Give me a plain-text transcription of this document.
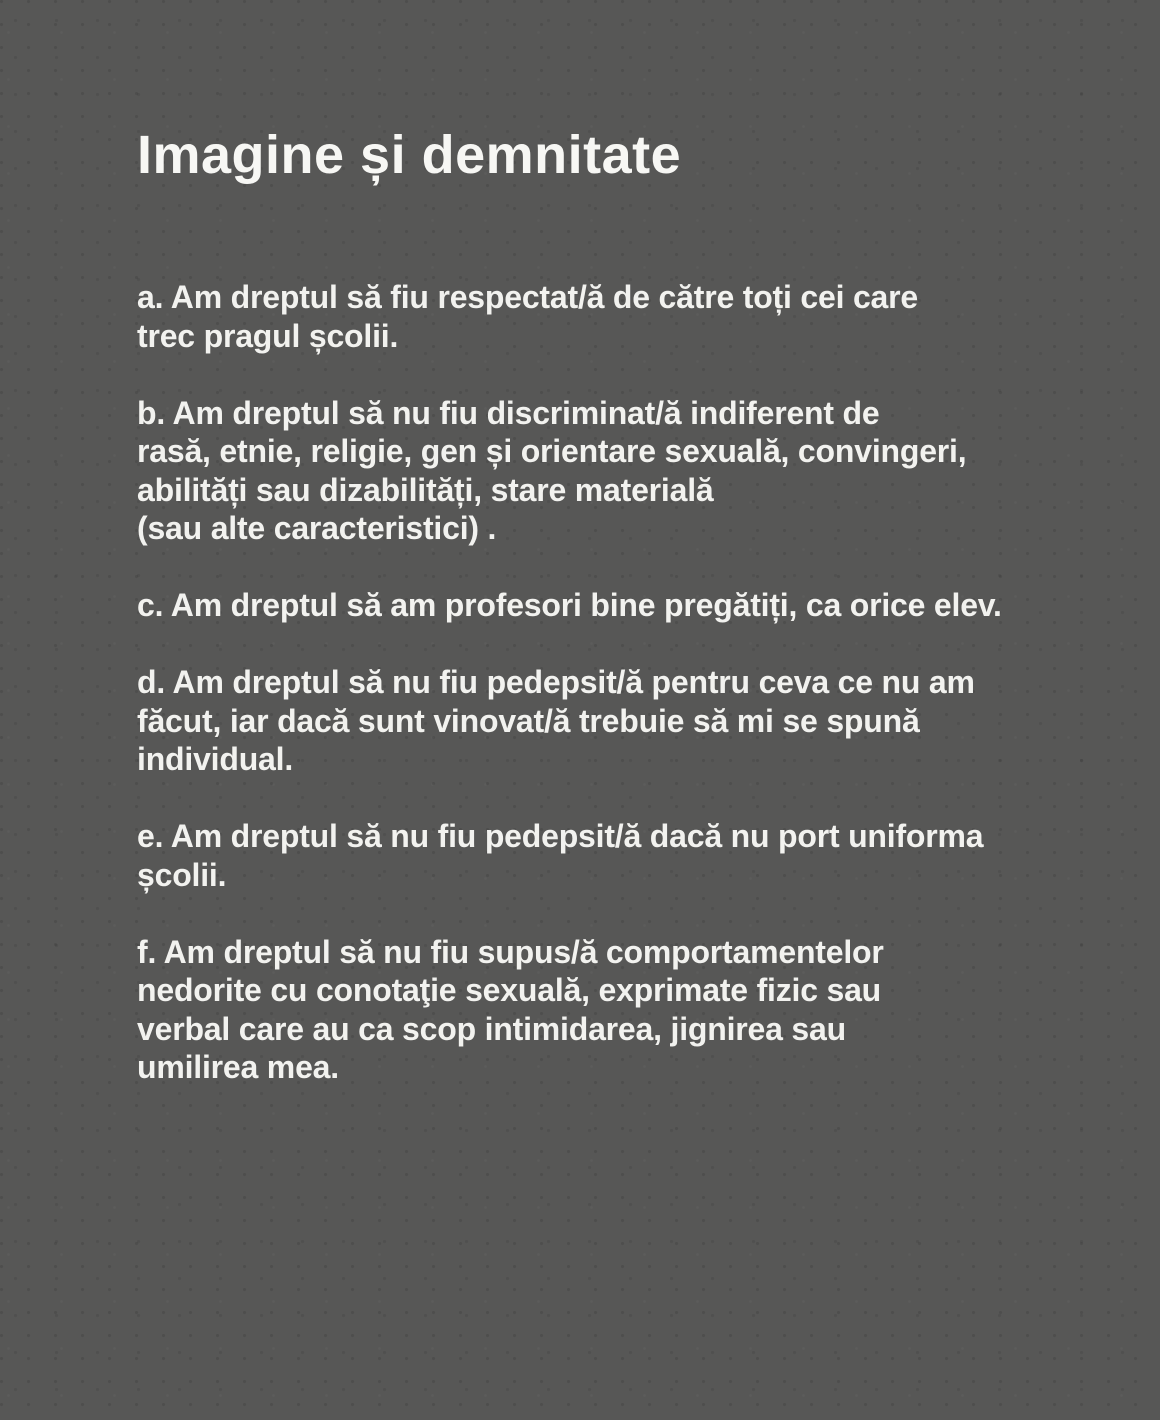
Imagine și demnitate

a. Am dreptul să fiu respectat/ă de către toți cei care
trec pragul școlii.

b. Am dreptul să nu fiu discriminat/ă indiferent de
rasă, etnie, religie, gen și orientare sexuală, convingeri,
abilități sau dizabilități, stare materială
(sau alte caracteristici) .

c. Am dreptul să am profesori bine pregătiți, ca orice elev.

d. Am dreptul să nu fiu pedepsit/ă pentru ceva ce nu am
făcut, iar dacă sunt vinovat/ă trebuie să mi se spună
individual.

e. Am dreptul să nu fiu pedepsit/ă dacă nu port uniforma
școlii.

f. Am dreptul să nu fiu supus/ă comportamentelor
nedorite cu conotaţie sexuală, exprimate fizic sau
verbal care au ca scop intimidarea, jignirea sau
umilirea mea.
